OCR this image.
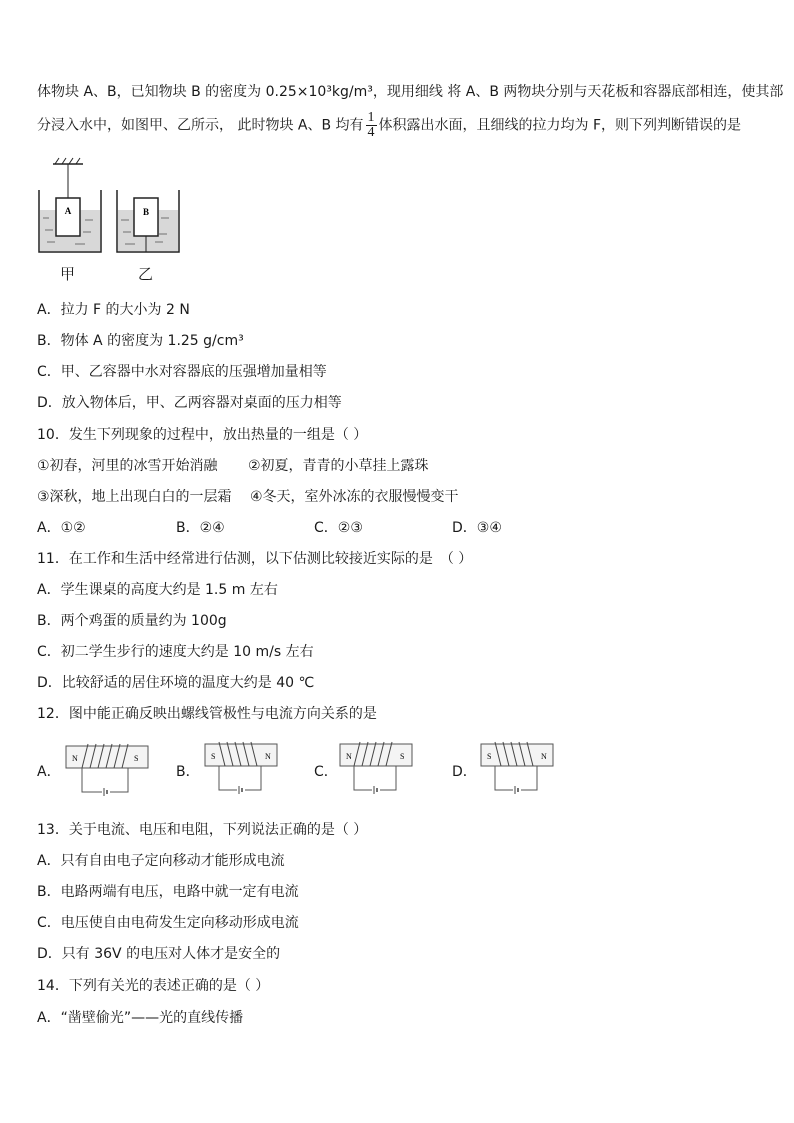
体物块 A、B，已知物块 B 的密度为 0.25×10³kg/m³，现用细线 将 A、B 两物块分别与天花板和容器底部相连，使其部
分浸入水中，如图甲、乙所示， 此时物块 A、B 均有 $\frac{1}{4}$ 体积露出水面，且细线的拉力均为 F，则下列判断错误的是
A	B
甲	乙
A．拉力 F 的大小为 2 N
B．物体 A 的密度为 1.25 g/cm³
C．甲、乙容器中水对容器底的压强增加量相等
D．放入物体后，甲、乙两容器对桌面的压力相等
10．发生下列现象的过程中，放出热量的一组是（ ）
①初春，河里的冰雪开始消融 ②初夏，青青的小草挂上露珠
③深秋，地上出现白白的一层霜 ④冬天，室外冰冻的衣服慢慢变干
A．①②	B．②④	C．②③	D．③④
11．在工作和生活中经常进行估测，以下估测比较接近实际的是　（ ）
A．学生课桌的高度大约是 1.5 m 左右
B．两个鸡蛋的质量约为 100g
C．初二学生步行的速度大约是 10 m/s 左右
D．比较舒适的居住环境的温度大约是 40 ℃
12．图中能正确反映出螺线管极性与电流方向关系的是
A．	B．	C．	D．
N	S	S	N	N	S	S	N
13．关于电流、电压和电阻，下列说法正确的是（ ）
A．只有自由电子定向移动才能形成电流
B．电路两端有电压，电路中就一定有电流
C．电压使自由电荷发生定向移动形成电流
D．只有 36V 的电压对人体才是安全的
14．下列有关光的表述正确的是（ ）
A．“凿壁偷光”——光的直线传播
